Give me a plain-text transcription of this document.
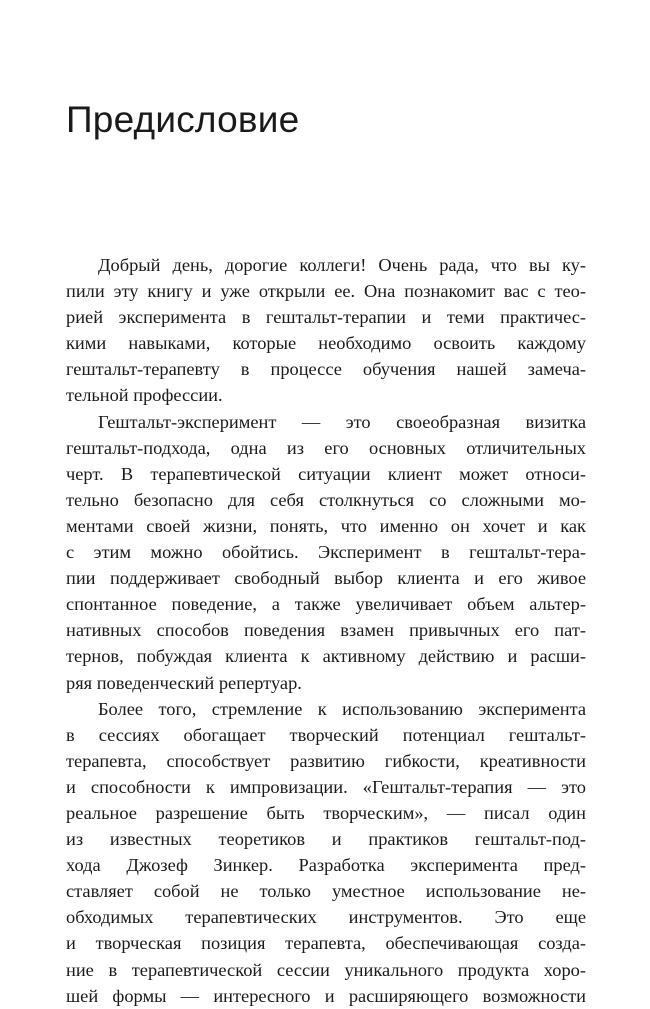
Предисловие

Добрый день, дорогие коллеги! Очень рада, что вы ку-
пили эту книгу и уже открыли ее. Она познакомит вас с тео-
рией эксперимента в гештальт-терапии и теми практичес-
кими навыками, которые необходимо освоить каждому
гештальт-терапевту в процессе обучения нашей замеча-
тельной профессии.

Гештальт-эксперимент — это своеобразная визитка
гештальт-подхода, одна из его основных отличительных
черт. В терапевтической ситуации клиент может относи-
тельно безопасно для себя столкнуться со сложными мо-
ментами своей жизни, понять, что именно он хочет и как
с этим можно обойтись. Эксперимент в гештальт-тера-
пии поддерживает свободный выбор клиента и его живое
спонтанное поведение, а также увеличивает объем альтер-
нативных способов поведения взамен привычных его пат-
тернов, побуждая клиента к активному действию и расши-
ряя поведенческий репертуар.

Более того, стремление к использованию эксперимента
в сессиях обогащает творческий потенциал гештальт-
терапевта, способствует развитию гибкости, креативности
и способности к импровизации. «Гештальт-терапия — это
реальное разрешение быть творческим», — писал один
из известных теоретиков и практиков гештальт-под-
хода Джозеф Зинкер. Разработка эксперимента пред-
ставляет собой не только уместное использование не-
обходимых терапевтических инструментов. Это еще
и творческая позиция терапевта, обеспечивающая созда-
ние в терапевтической сессии уникального продукта хоро-
шей формы — интересного и расширяющего возможности
